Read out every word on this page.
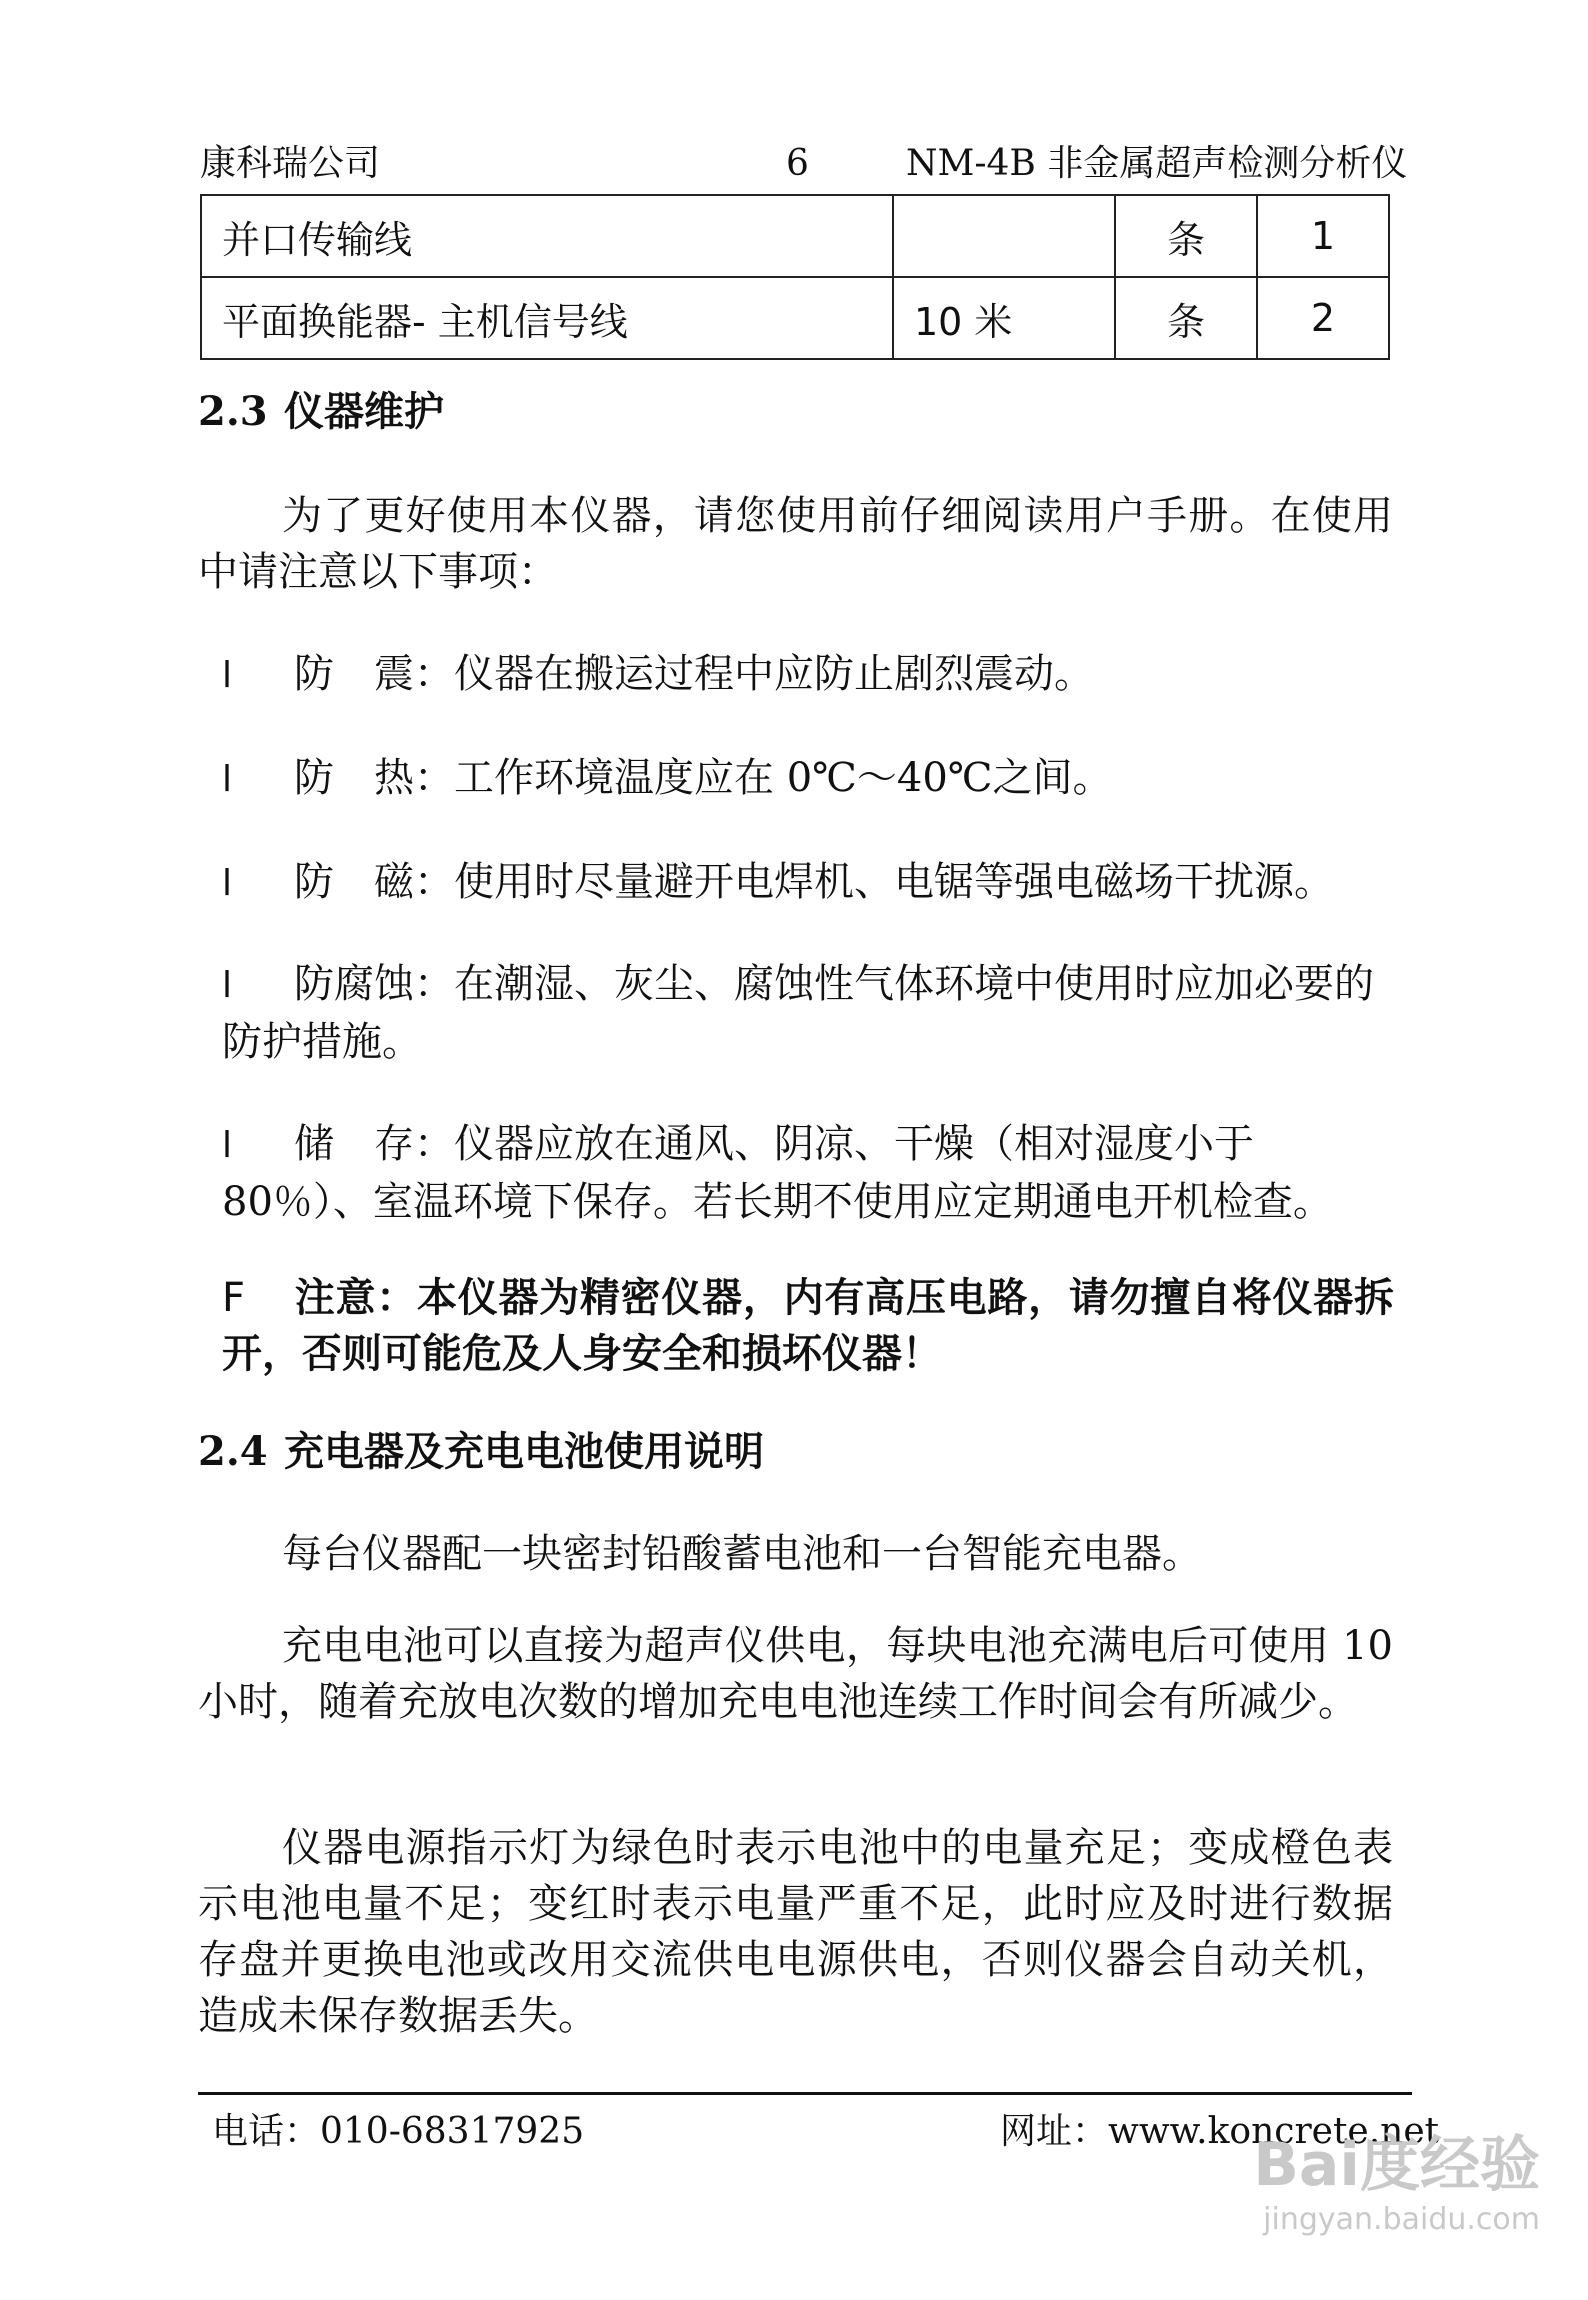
康科瑞公司	6	NM-4B 非金属超声检测分析仪
并口传输线		条	1
平面换能器- 主机信号线	10 米	条	2
2.3 仪器维护
为了更好使用本仪器，请您使用前仔细阅读用户手册。在使用中请注意以下事项：
l 防　震：仪器在搬运过程中应防止剧烈震动。
l 防　热：工作环境温度应在 0℃～40℃之间。
l 防　磁：使用时尽量避开电焊机、电锯等强电磁场干扰源。
l 防腐蚀：在潮湿、灰尘、腐蚀性气体环境中使用时应加必要的防护措施。
l 储　存：仪器应放在通风、阴凉、干燥（相对湿度小于 80％）、室温环境下保存。若长期不使用应定期通电开机检查。
F 注意：本仪器为精密仪器，内有高压电路，请勿擅自将仪器拆开，否则可能危及人身安全和损坏仪器！
2.4 充电器及充电电池使用说明
每台仪器配一块密封铅酸蓄电池和一台智能充电器。
充电电池可以直接为超声仪供电，每块电池充满电后可使用 10 小时，随着充放电次数的增加充电电池连续工作时间会有所减少。
仪器电源指示灯为绿色时表示电池中的电量充足；变成橙色表示电池电量不足；变红时表示电量严重不足，此时应及时进行数据存盘并更换电池或改用交流供电电源供电，否则仪器会自动关机，造成未保存数据丢失。
电话：010-68317925	网址：www.koncrete.net
Bai度经验
jingyan.baidu.com
